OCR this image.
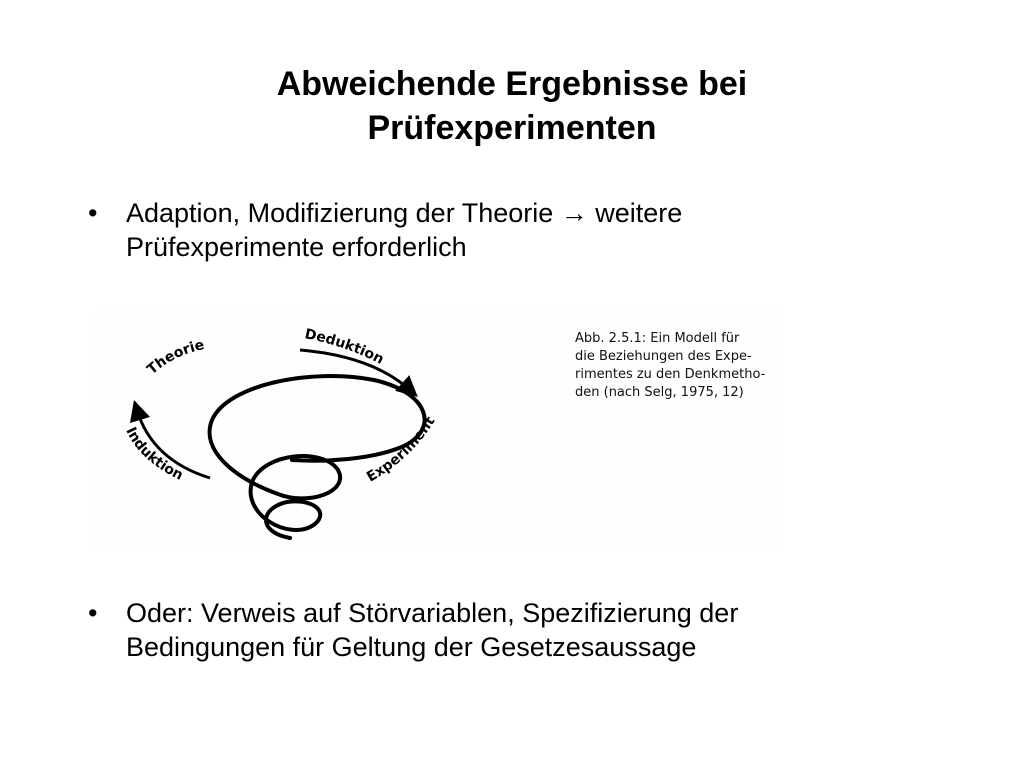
Abweichende Ergebnisse bei
Prüfexperimenten
• Adaption, Modifizierung der Theorie → weitere
Prüfexperimente erforderlich
Theorie
Deduktion
Experiment
Induktion
Abb. 2.5.1: Ein Modell für
die Beziehungen des Expe-
rimentes zu den Denkmetho-
den (nach Selg, 1975, 12)
• Oder: Verweis auf Störvariablen, Spezifizierung der
Bedingungen für Geltung der Gesetzesaussage
